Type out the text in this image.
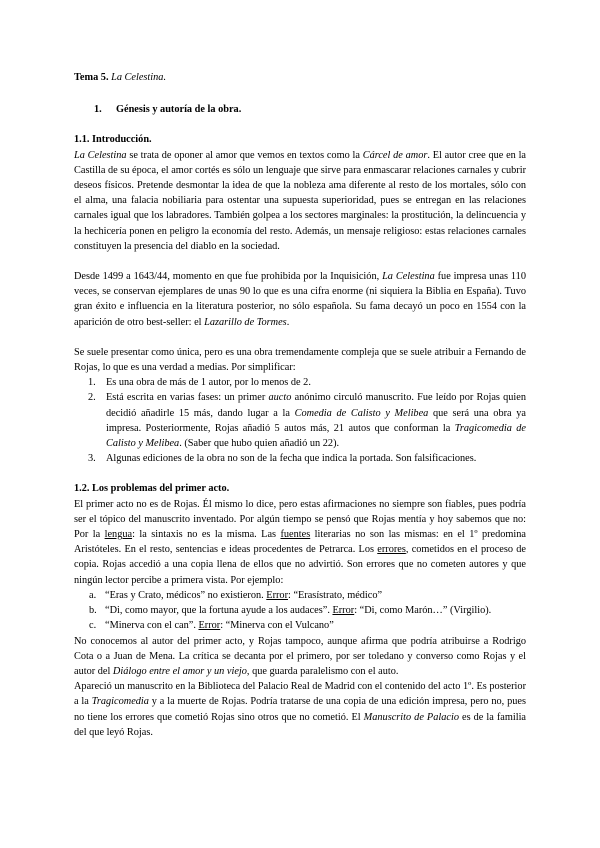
Tema 5. La Celestina.

1.	Génesis y autoría de la obra.

1.1. Introducción.

La Celestina se trata de oponer al amor que vemos en textos como la Cárcel de amor. El autor cree que en la Castilla de su época, el amor cortés es sólo un lenguaje que sirve para enmascarar relaciones carnales y cubrir deseos físicos. Pretende desmontar la idea de que la nobleza ama diferente al resto de los mortales, sólo con el alma, una falacia nobiliaria para ostentar una supuesta superioridad, pues se entregan en las relaciones carnales igual que los labradores. También golpea a los sectores marginales: la prostitución, la delincuencia y la hechicería ponen en peligro la economía del resto. Además, un mensaje religioso: estas relaciones carnales constituyen la presencia del diablo en la sociedad.

Desde 1499 a 1643/44, momento en que fue prohibida por la Inquisición, La Celestina fue impresa unas 110 veces, se conservan ejemplares de unas 90 lo que es una cifra enorme (ni siquiera la Biblia en España). Tuvo gran éxito e influencia en la literatura posterior, no sólo española. Su fama decayó un poco en 1554 con la aparición de otro best-seller: el Lazarillo de Tormes.

Se suele presentar como única, pero es una obra tremendamente compleja que se suele atribuir a Fernando de Rojas, lo que es una verdad a medias. Por simplificar:

1. Es una obra de más de 1 autor, por lo menos de 2.
2. Está escrita en varias fases: un primer aucto anónimo circuló manuscrito. Fue leído por Rojas quien decidió añadirle 15 más, dando lugar a la Comedia de Calisto y Melibea que será una obra ya impresa. Posteriormente, Rojas añadió 5 autos más, 21 autos que conforman la Tragicomedia de Calisto y Melibea. (Saber que hubo quien añadió un 22).
3. Algunas ediciones de la obra no son de la fecha que indica la portada. Son falsificaciones.

1.2. Los problemas del primer acto.

El primer acto no es de Rojas. Él mismo lo dice, pero estas afirmaciones no siempre son fiables, pues podría ser el tópico del manuscrito inventado. Por algún tiempo se pensó que Rojas mentía y hoy sabemos que no: Por la lengua: la sintaxis no es la misma. Las fuentes literarias no son las mismas: en el 1º predomina Aristóteles. En el resto, sentencias e ideas procedentes de Petrarca. Los errores, cometidos en el proceso de copia. Rojas accedió a una copia llena de ellos que no advirtió. Son errores que no cometen autores y que ningún lector percibe a primera vista. Por ejemplo:

a. “Eras y Crato, médicos” no existieron. Error: “Erasístrato, médico”
b. “Di, como mayor, que la fortuna ayude a los audaces”. Error: “Di, como Marón…” (Virgilio).
c. “Minerva con el can”. Error: “Minerva con el Vulcano”

No conocemos al autor del primer acto, y Rojas tampoco, aunque afirma que podría atribuirse a Rodrigo Cota o a Juan de Mena. La crítica se decanta por el primero, por ser toledano y converso como Rojas y el autor del Diálogo entre el amor y un viejo, que guarda paralelismo con el auto.

Apareció un manuscrito en la Biblioteca del Palacio Real de Madrid con el contenido del acto 1º. Es posterior a la Tragicomedia y a la muerte de Rojas. Podría tratarse de una copia de una edición impresa, pero no, pues no tiene los errores que cometió Rojas sino otros que no cometió. El Manuscrito de Palacio es de la familia del que leyó Rojas.
